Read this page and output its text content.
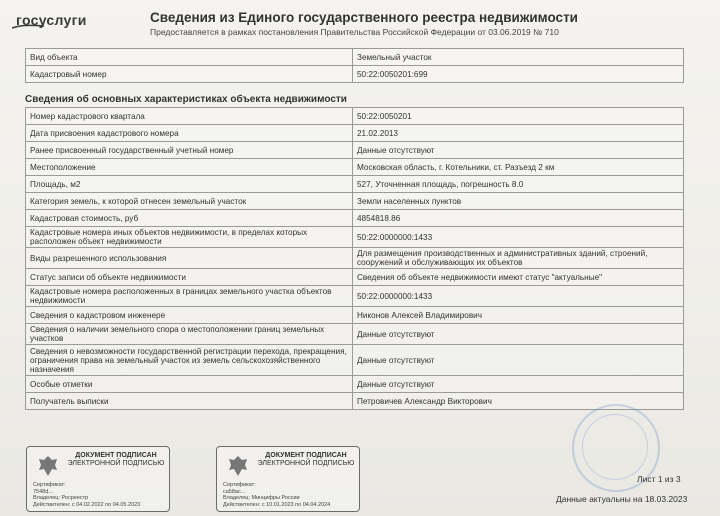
госуслуги	Сведения из Единого государственного реестра недвижимости
Предоставляется в рамках постановления Правительства Российской Федерации от 03.06.2019 № 710
Вид объекта	Земельный участок
Кадастровый номер	50:22:0050201:699
Сведения об основных характеристиках объекта недвижимости
Номер кадастрового квартала	50:22:0050201
Дата присвоения кадастрового номера	21.02.2013
Ранее присвоенный государственный учетный номер	Данные отсутствуют
Местоположение	Московская область, г. Котельники, ст. Разъезд 2 км
Площадь, м2	527, Уточненная площадь, погрешность 8.0
Категория земель, к которой отнесен земельный участок	Земли населенных пунктов
Кадастровая стоимость, руб	4854818.86
Кадастровые номера иных объектов недвижимости, в пределах которых расположен объект недвижимости	50:22:0000000:1433
Виды разрешенного использования	Для размещения производственных и административных зданий, строений, сооружений и обслуживающих их объектов
Статус записи об объекте недвижимости	Сведения об объекте недвижимости имеют статус "актуальные"
Кадастровые номера расположенных в границах земельного участка объектов недвижимости	50:22:0000000:1433
Сведения о кадастровом инженере	Никонов Алексей Владимирович
Сведения о наличии земельного спора о местоположении границ земельных участков	Данные отсутствуют
Сведения о невозможности государственной регистрации перехода, прекращения, ограничения права на земельный участок из земель сельскохозяйственного назначения	Данные отсутствуют
Особые отметки	Данные отсутствуют
Получатель выписки	Петровичев Александр Викторович
ДОКУМЕНТ ПОДПИСАН
ЭЛЕКТРОННОЙ ПОДПИСЬЮ
Сертификат:
7548d...
Владелец: Росреестр
Действителен: с 04.02.2022 по 04.05.2023
ДОКУМЕНТ ПОДПИСАН
ЭЛЕКТРОННОЙ ПОДПИСЬЮ
Сертификат:
ca58ac...
Владелец: Минцифры России
Действителен: с 10.01.2023 по 04.04.2024
Лист 1 из 3
Данные актуальны на 18.03.2023
